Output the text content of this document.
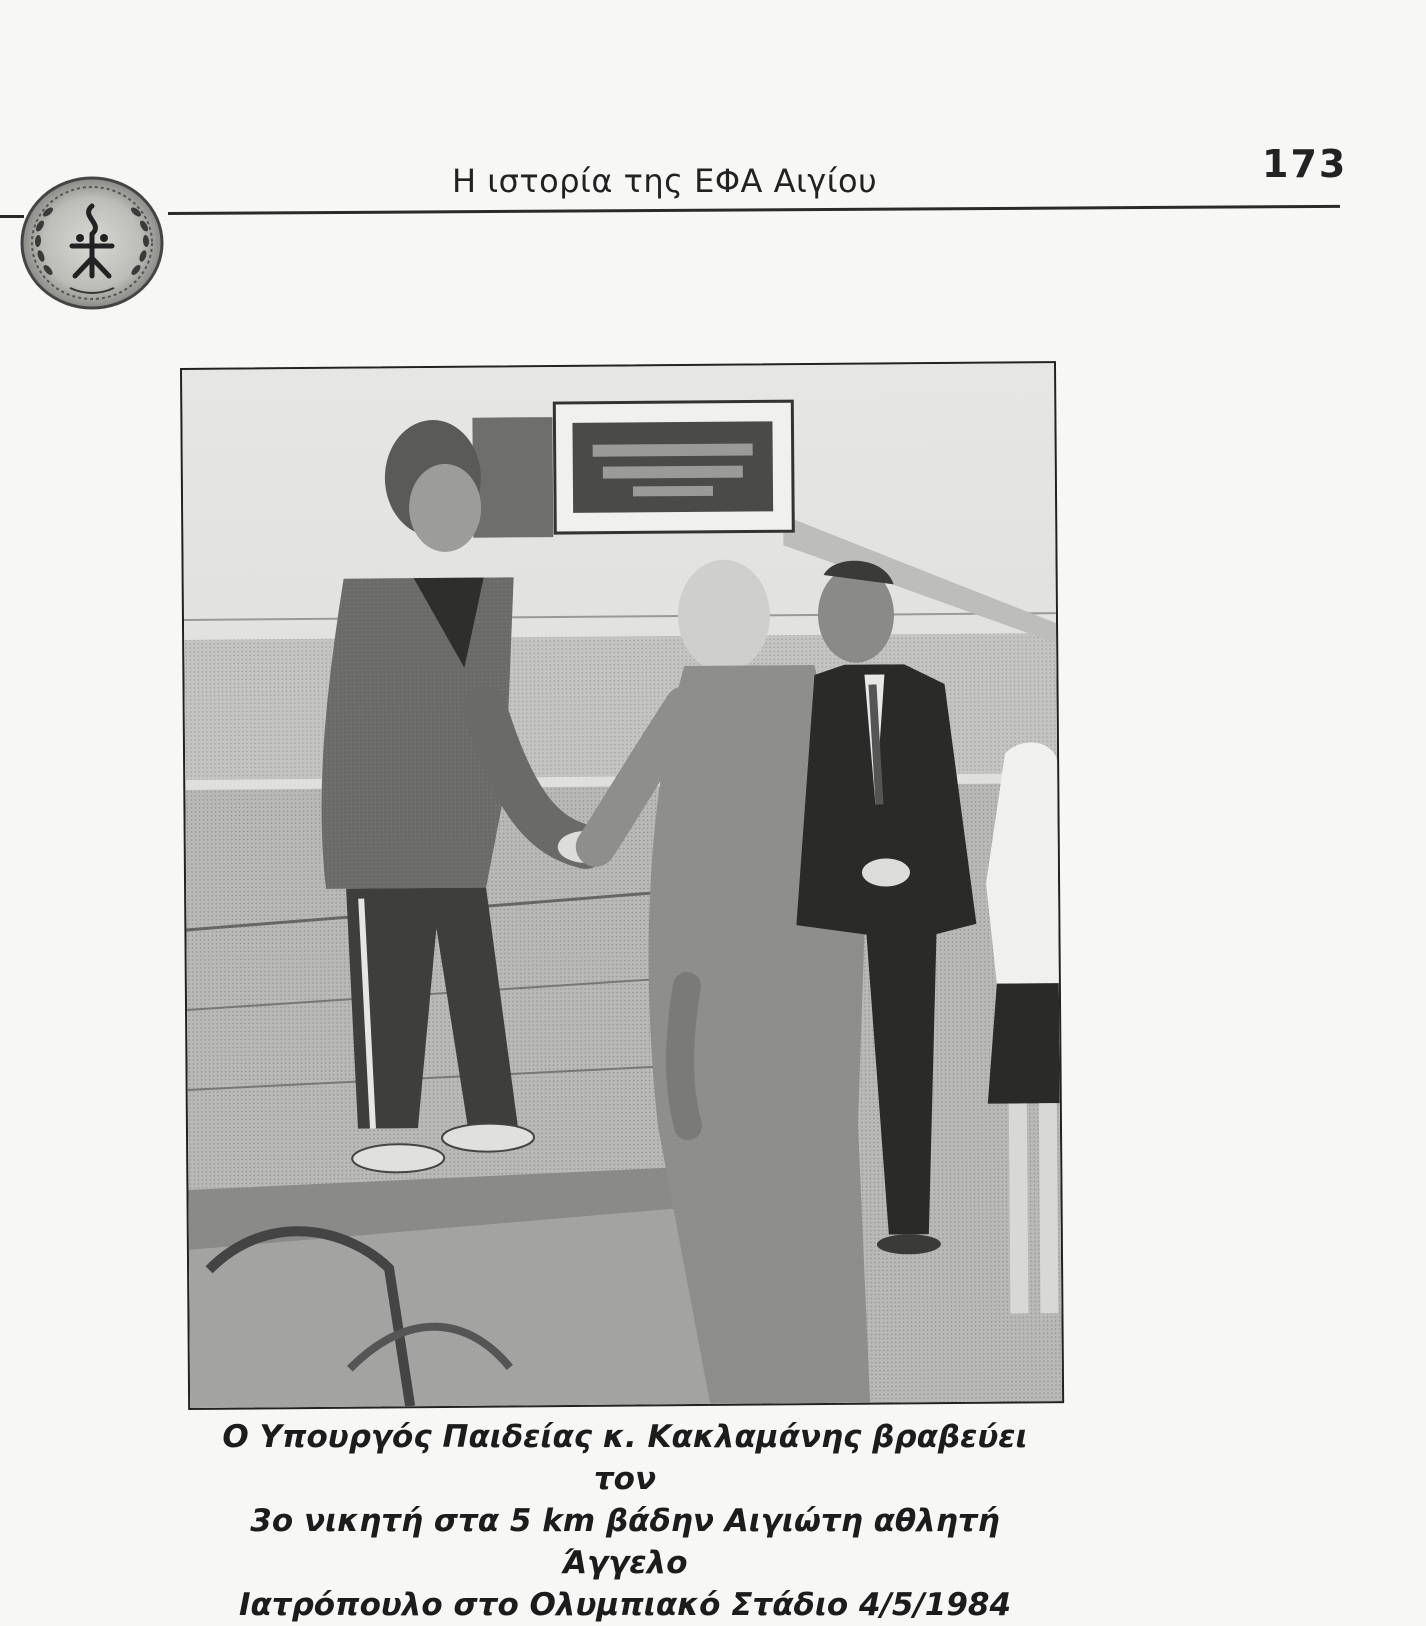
Η ιστορία της ΕΦΑ Αιγίου	173
Ο Υπουργός Παιδείας κ. Κακλαμάνης βραβεύει τον
3ο νικητή στα 5 km βάδην Αιγιώτη αθλητή Άγγελο
Ιατρόπουλο στο Ολυμπιακό Στάδιο 4/5/1984
